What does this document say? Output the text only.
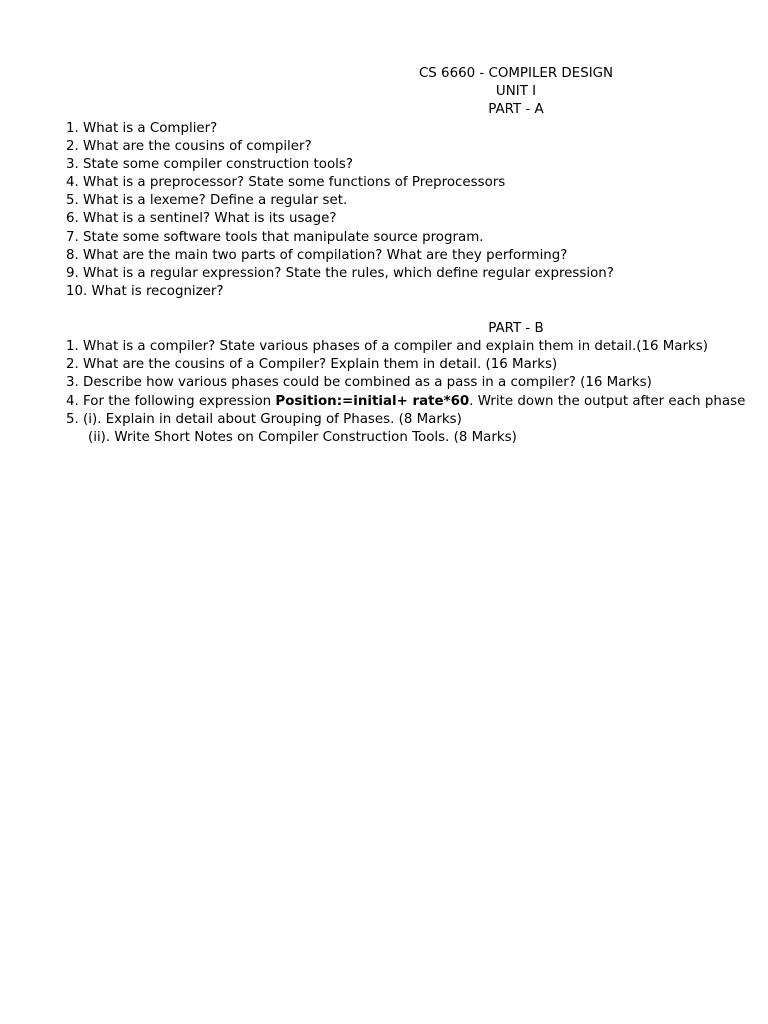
CS 6660 - COMPILER DESIGN
UNIT I
PART - A
1. What is a Complier?
2. What are the cousins of compiler?
3. State some compiler construction tools?
4. What is a preprocessor? State some functions of Preprocessors
5. What is a lexeme? Define a regular set.
6. What is a sentinel? What is its usage?
7. State some software tools that manipulate source program.
8. What are the main two parts of compilation? What are they performing?
9. What is a regular expression? State the rules, which define regular expression?
10. What is recognizer?
PART - B
1. What is a compiler? State various phases of a compiler and explain them in detail.(16 Marks)
2. What are the cousins of a Compiler? Explain them in detail. (16 Marks)
3. Describe how various phases could be combined as a pass in a compiler? (16 Marks)
4. For the following expression Position:=initial+ rate*60. Write down the output after each phase
5. (i). Explain in detail about Grouping of Phases. (8 Marks)
(ii). Write Short Notes on Compiler Construction Tools. (8 Marks)
